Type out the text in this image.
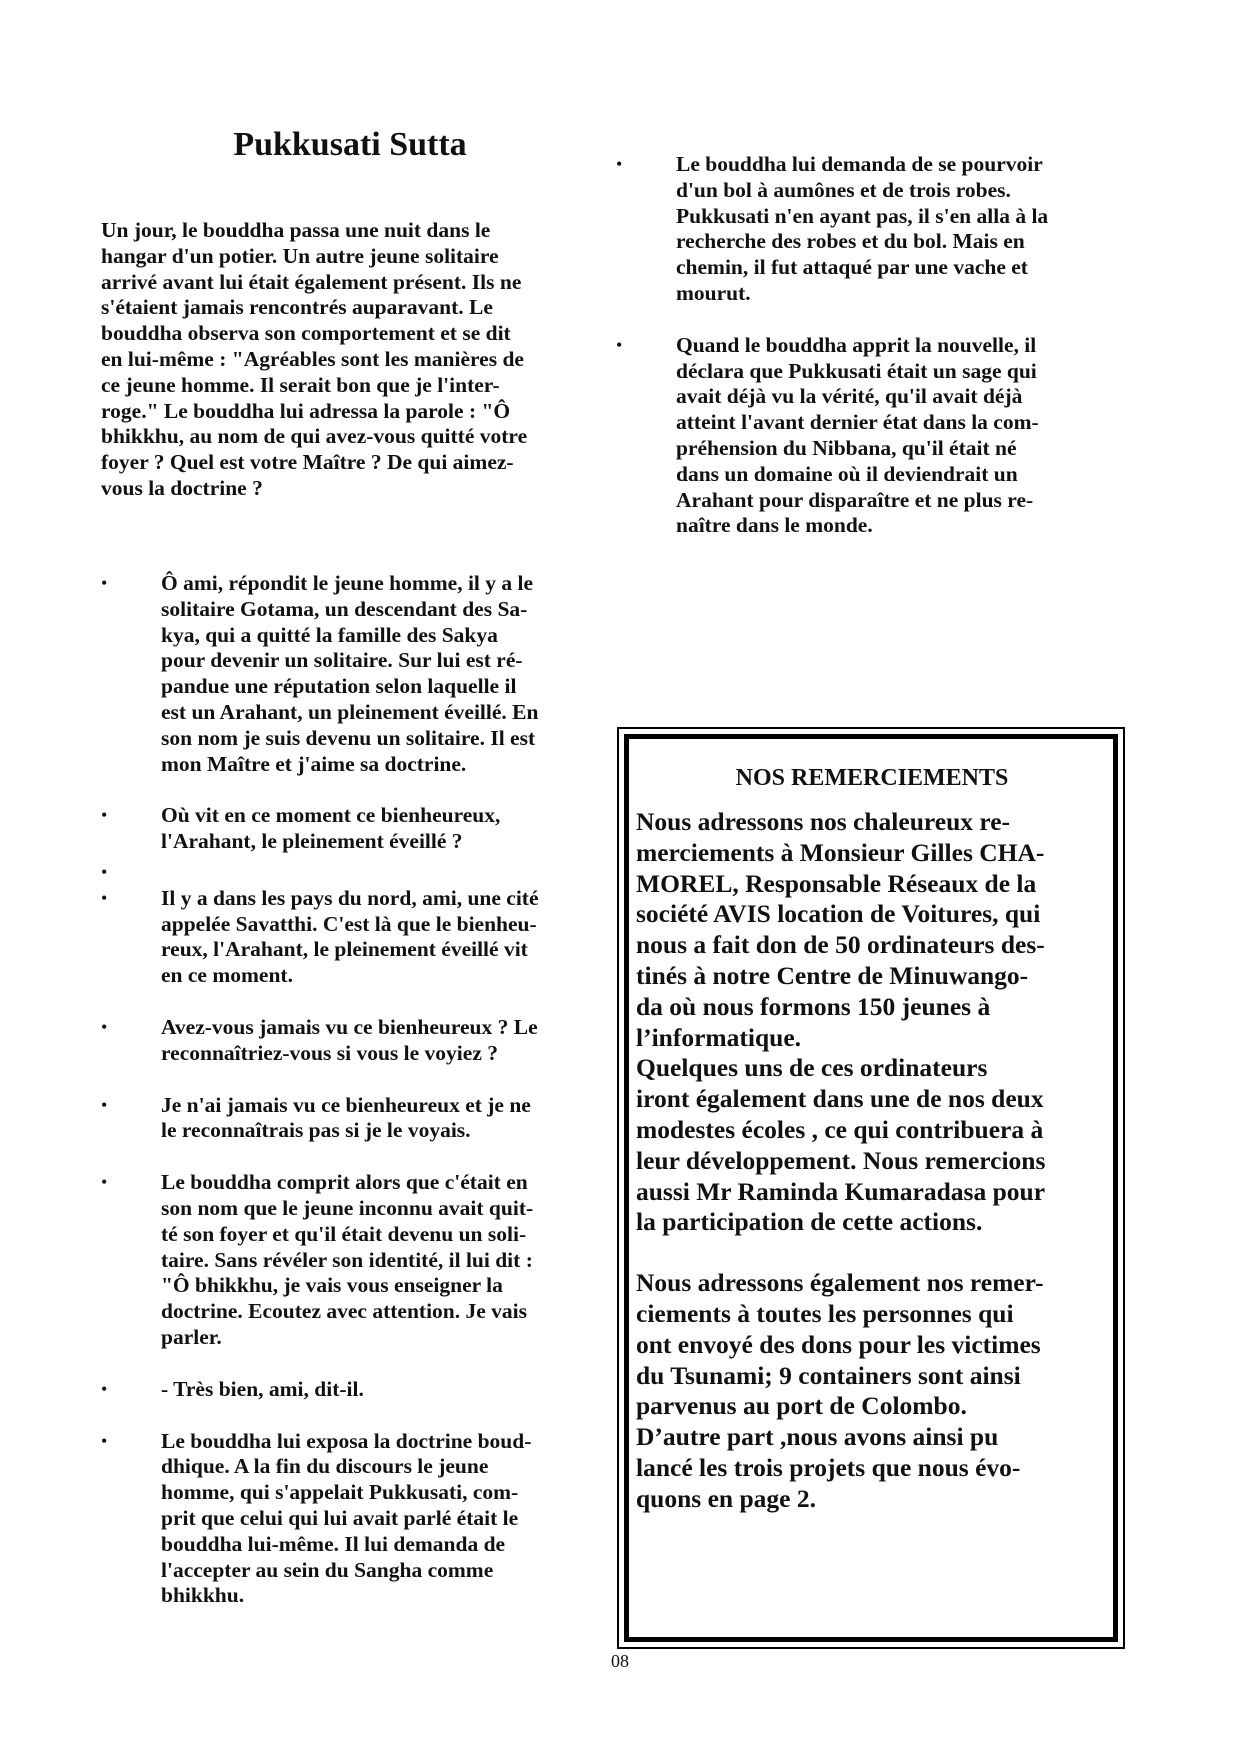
Pukkusati Sutta

Un jour, le bouddha passa une nuit dans le
hangar d'un potier. Un autre jeune solitaire
arrivé avant lui était également présent. Ils ne
s'étaient jamais rencontrés auparavant. Le
bouddha observa son comportement et se dit
en lui-même : "Agréables sont les manières de
ce jeune homme. Il serait bon que je l'inter-
roge." Le bouddha lui adressa la parole : "Ô
bhikkhu, au nom de qui avez-vous quitté votre
foyer ? Quel est votre Maître ? De qui aimez-
vous la doctrine ?

• Ô ami, répondit le jeune homme, il y a le
solitaire Gotama, un descendant des Sa-
kya, qui a quitté la famille des Sakya
pour devenir un solitaire. Sur lui est ré-
pandue une réputation selon laquelle il
est un Arahant, un pleinement éveillé. En
son nom je suis devenu un solitaire. Il est
mon Maître et j'aime sa doctrine.

• Où vit en ce moment ce bienheureux,
l'Arahant, le pleinement éveillé ?

•

• Il y a dans les pays du nord, ami, une cité
appelée Savatthi. C'est là que le bienheu-
reux, l'Arahant, le pleinement éveillé vit
en ce moment.

• Avez-vous jamais vu ce bienheureux ? Le
reconnaîtriez-vous si vous le voyiez ?

• Je n'ai jamais vu ce bienheureux et je ne
le reconnaîtrais pas si je le voyais.

• Le bouddha comprit alors que c'était en
son nom que le jeune inconnu avait quit-
té son foyer et qu'il était devenu un soli-
taire. Sans révéler son identité, il lui dit :
"Ô bhikkhu, je vais vous enseigner la
doctrine. Ecoutez avec attention. Je vais
parler.

• - Très bien, ami, dit-il.

• Le bouddha lui exposa la doctrine boud-
dhique. A la fin du discours le jeune
homme, qui s'appelait Pukkusati, com-
prit que celui qui lui avait parlé était le
bouddha lui-même. Il lui demanda de
l'accepter au sein du Sangha comme
bhikkhu.

• Le bouddha lui demanda de se pourvoir
d'un bol à aumônes et de trois robes.
Pukkusati n'en ayant pas, il s'en alla à la
recherche des robes et du bol. Mais en
chemin, il fut attaqué par une vache et
mourut.

• Quand le bouddha apprit la nouvelle, il
déclara que Pukkusati était un sage qui
avait déjà vu la vérité, qu'il avait déjà
atteint l'avant dernier état dans la com-
préhension du Nibbana, qu'il était né
dans un domaine où il deviendrait un
Arahant pour disparaître et ne plus re-
naître dans le monde.

NOS REMERCIEMENTS

Nous adressons nos chaleureux re-
merciements à Monsieur Gilles CHA-
MOREL, Responsable Réseaux de la
société AVIS location de Voitures, qui
nous a fait don de 50 ordinateurs des-
tinés à notre Centre de Minuwango-
da où nous formons 150 jeunes à
l’informatique.
Quelques uns de ces ordinateurs
iront également dans une de nos deux
modestes écoles , ce qui contribuera à
leur développement. Nous remercions
aussi Mr Raminda Kumaradasa pour
la participation de cette actions.

Nous adressons également nos remer-
ciements à toutes les personnes qui
ont envoyé des dons pour les victimes
du Tsunami; 9 containers sont ainsi
parvenus au port de Colombo.
D’autre part ,nous avons ainsi pu
lancé les trois projets que nous évo-
quons en page 2.

08
